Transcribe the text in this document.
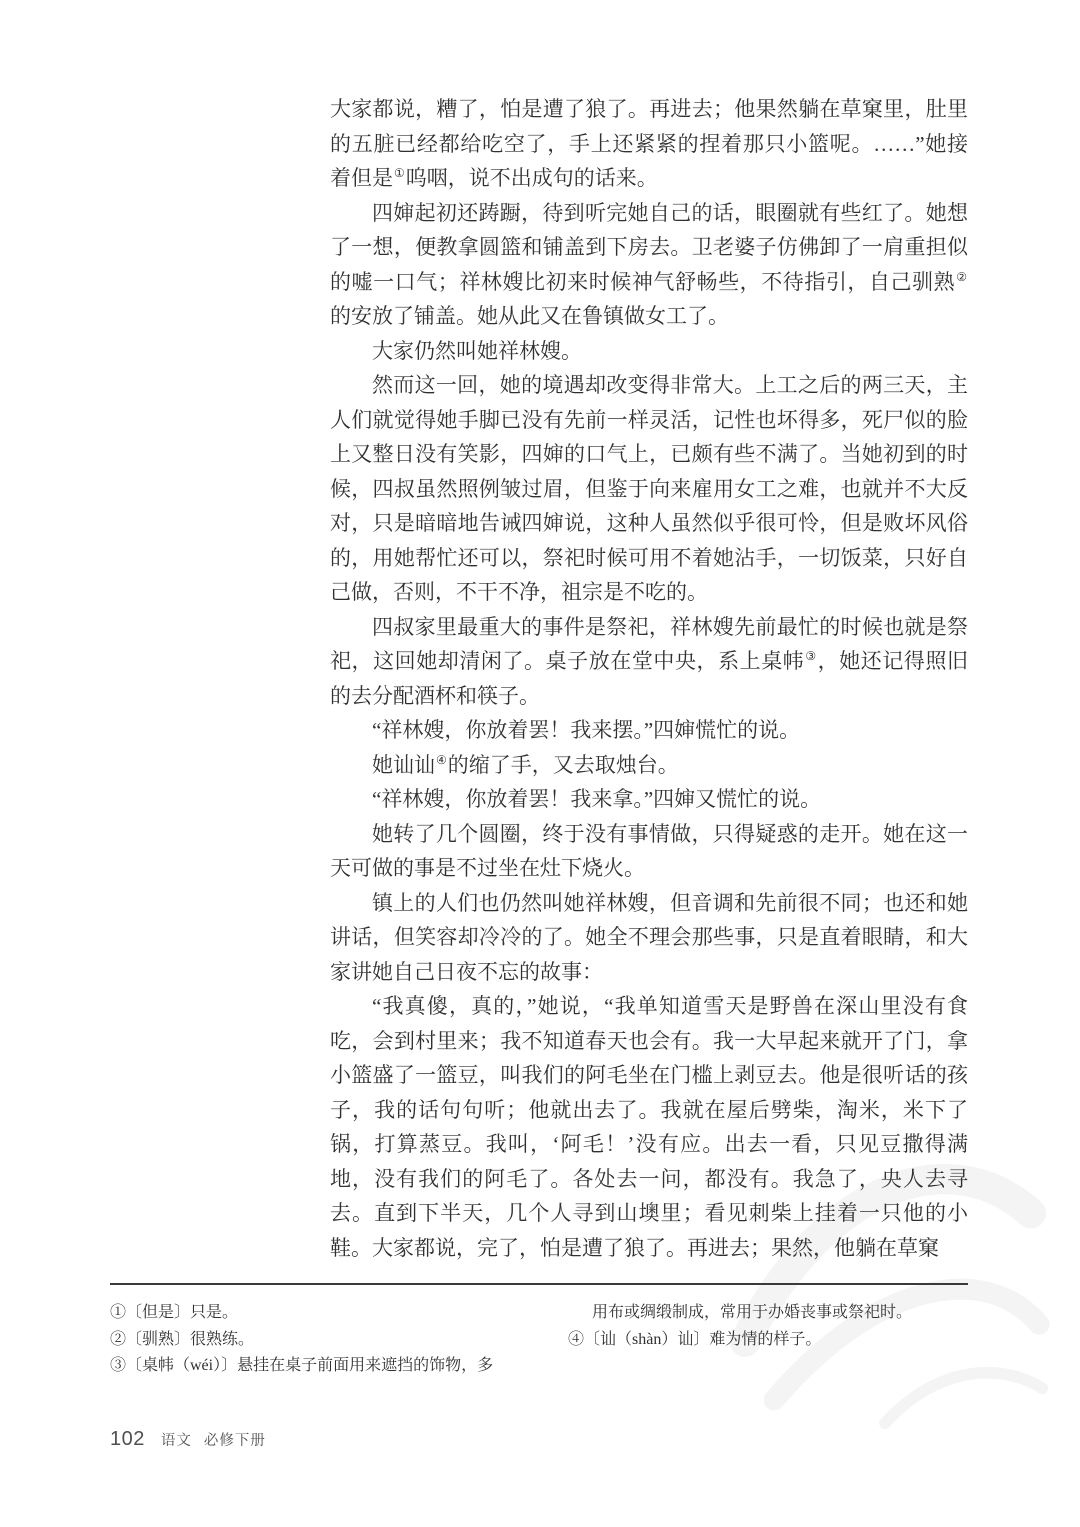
大家都说，糟了，怕是遭了狼了。再进去；他果然躺在草窠里，肚里的五脏已经都给吃空了，手上还紧紧的捏着那只小篮呢。……”她接着但是①呜咽，说不出成句的话来。

四婶起初还踌蹰，待到听完她自己的话，眼圈就有些红了。她想了一想，便教拿圆篮和铺盖到下房去。卫老婆子仿佛卸了一肩重担似的嘘一口气；祥林嫂比初来时候神气舒畅些，不待指引，自己驯熟②的安放了铺盖。她从此又在鲁镇做女工了。

大家仍然叫她祥林嫂。

然而这一回，她的境遇却改变得非常大。上工之后的两三天，主人们就觉得她手脚已没有先前一样灵活，记性也坏得多，死尸似的脸上又整日没有笑影，四婶的口气上，已颇有些不满了。当她初到的时候，四叔虽然照例皱过眉，但鉴于向来雇用女工之难，也就并不大反对，只是暗暗地告诫四婶说，这种人虽然似乎很可怜，但是败坏风俗的，用她帮忙还可以，祭祀时候可用不着她沾手，一切饭菜，只好自己做，否则，不干不净，祖宗是不吃的。

四叔家里最重大的事件是祭祀，祥林嫂先前最忙的时候也就是祭祀，这回她却清闲了。桌子放在堂中央，系上桌帏③，她还记得照旧的去分配酒杯和筷子。

“祥林嫂，你放着罢！我来摆。”四婶慌忙的说。

她讪讪④的缩了手，又去取烛台。

“祥林嫂，你放着罢！我来拿。”四婶又慌忙的说。

她转了几个圆圈，终于没有事情做，只得疑惑的走开。她在这一天可做的事是不过坐在灶下烧火。

镇上的人们也仍然叫她祥林嫂，但音调和先前很不同；也还和她讲话，但笑容却冷冷的了。她全不理会那些事，只是直着眼睛，和大家讲她自己日夜不忘的故事：

“我真傻，真的，”她说，“我单知道雪天是野兽在深山里没有食吃，会到村里来；我不知道春天也会有。我一大早起来就开了门，拿小篮盛了一篮豆，叫我们的阿毛坐在门槛上剥豆去。他是很听话的孩子，我的话句句听；他就出去了。我就在屋后劈柴，淘米，米下了锅，打算蒸豆。我叫，‘阿毛！’没有应。出去一看，只见豆撒得满地，没有我们的阿毛了。各处去一问，都没有。我急了，央人去寻去。直到下半天，几个人寻到山墺里；看见刺柴上挂着一只他的小鞋。大家都说，完了，怕是遭了狼了。再进去；果然，他躺在草窠

①〔但是〕只是。

②〔驯熟〕很熟练。

③〔桌帏（wéi）〕悬挂在桌子前面用来遮挡的饰物，多

用布或绸缎制成，常用于办婚丧事或祭祀时。

④〔讪（shàn）讪〕难为情的样子。

102 语文 必修下册
